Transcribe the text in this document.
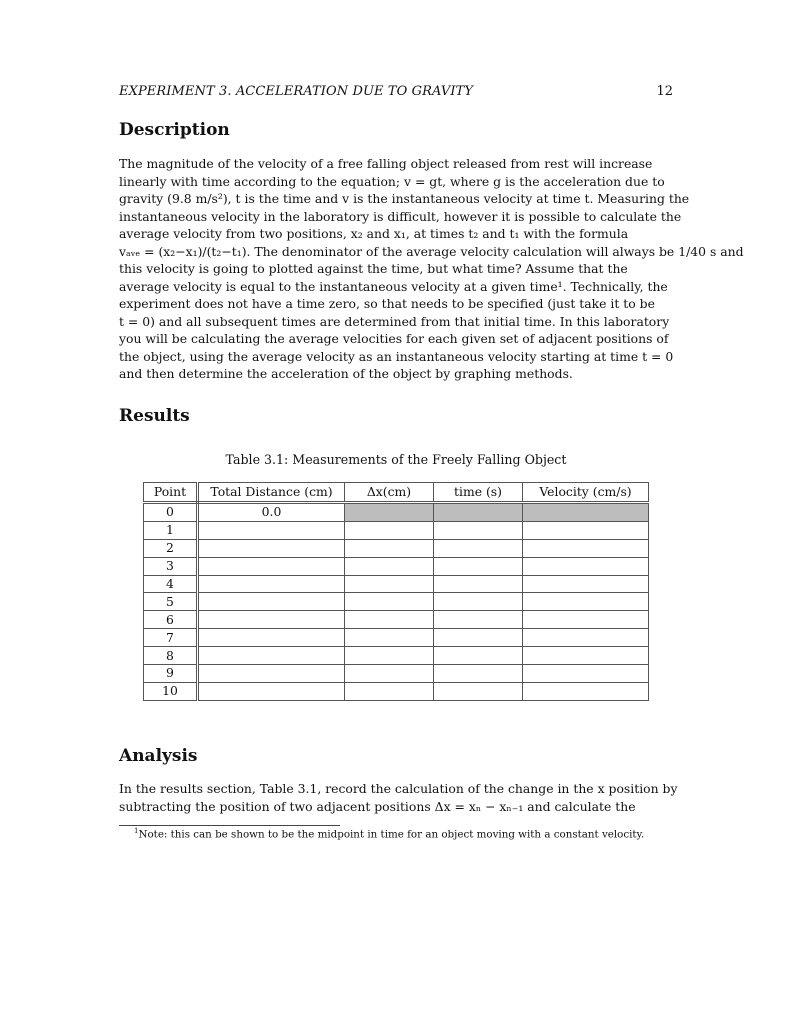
EXPERIMENT 3. ACCELERATION DUE TO GRAVITY	12
Description
The magnitude of the velocity of a free falling object released from rest will increase
linearly with time according to the equation; v = gt, where g is the acceleration due to
gravity (9.8 m/s²), t is the time and v is the instantaneous velocity at time t. Measuring the
instantaneous velocity in the laboratory is difficult, however it is possible to calculate the
average velocity from two positions, x₂ and x₁, at times t₂ and t₁ with the formula
vₐᵥₑ = (x₂−x₁)/(t₂−t₁). The denominator of the average velocity calculation will always be 1/40 s and
this velocity is going to plotted against the time, but what time? Assume that the
average velocity is equal to the instantaneous velocity at a given time¹. Technically, the
experiment does not have a time zero, so that needs to be specified (just take it to be
t = 0) and all subsequent times are determined from that initial time. In this laboratory
you will be calculating the average velocities for each given set of adjacent positions of
the object, using the average velocity as an instantaneous velocity starting at time t = 0
and then determine the acceleration of the object by graphing methods.
Results
Table 3.1: Measurements of the Freely Falling Object
Point	Total Distance (cm)	Δx(cm)	time (s)	Velocity (cm/s)
0	0.0			
1				
2				
3				
4				
5				
6				
7				
8				
9				
10				
Analysis
In the results section, Table 3.1, record the calculation of the change in the x position by
subtracting the position of two adjacent positions Δx = xₙ − xₙ₋₁ and calculate the
$^1$Note: this can be shown to be the midpoint in time for an object moving with a constant velocity.
